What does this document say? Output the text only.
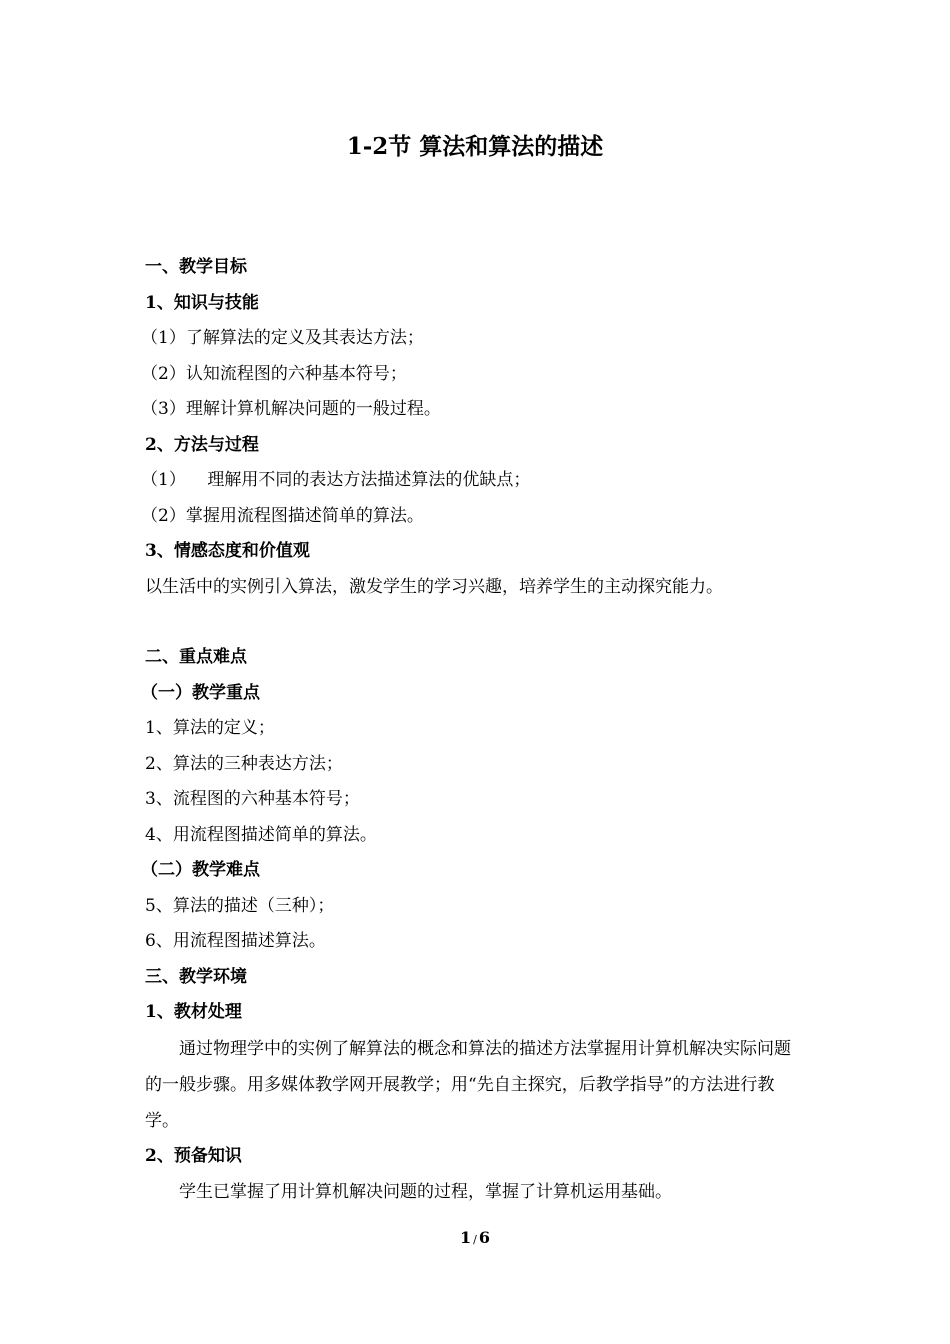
1-2节 算法和算法的描述
一、教学目标
1、知识与技能
（1）了解算法的定义及其表达方法；
（2）认知流程图的六种基本符号；
（3）理解计算机解决问题的一般过程。
2、方法与过程
（1）    理解用不同的表达方法描述算法的优缺点；
（2）掌握用流程图描述简单的算法。
3、情感态度和价值观
以生活中的实例引入算法，激发学生的学习兴趣，培养学生的主动探究能力。
二、重点难点
（一）教学重点
1、算法的定义；
2、算法的三种表达方法；
3、流程图的六种基本符号；
4、用流程图描述简单的算法。
（二）教学难点
5、算法的描述（三种）；
6、用流程图描述算法。
三、教学环境
1、教材处理
通过物理学中的实例了解算法的概念和算法的描述方法掌握用计算机解决实际问题的一般步骤。用多媒体教学网开展教学；用“先自主探究，后教学指导”的方法进行教学。
2、预备知识
学生已掌握了用计算机解决问题的过程，掌握了计算机运用基础。
1 / 6
